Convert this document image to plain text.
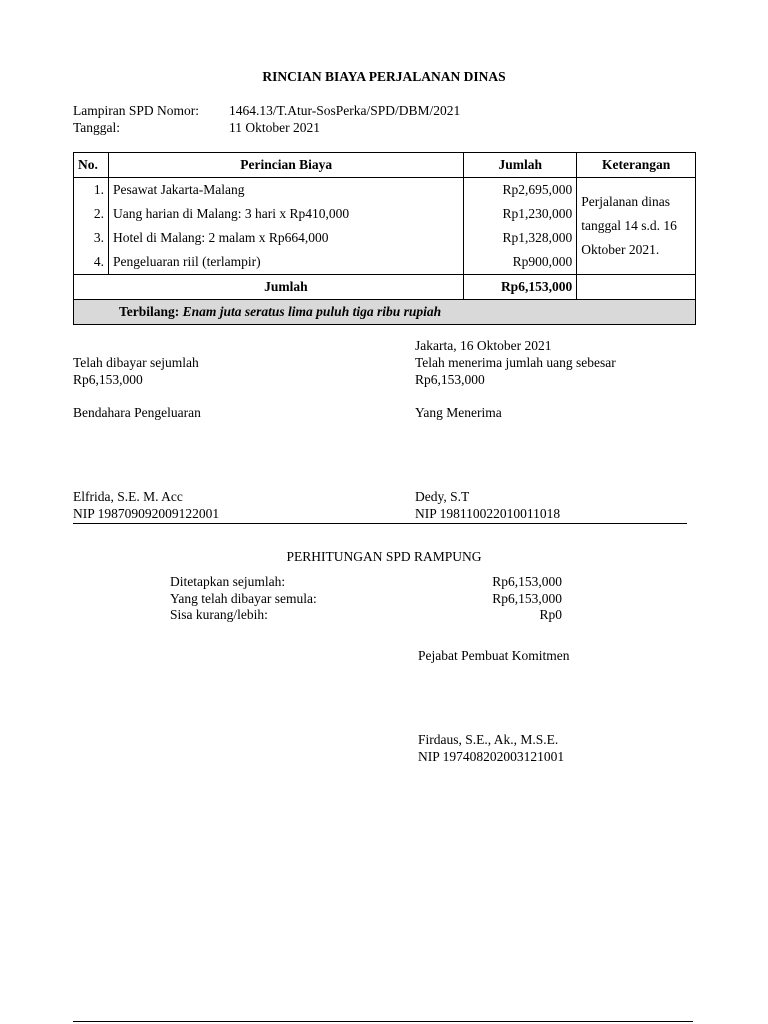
RINCIAN BIAYA PERJALANAN DINAS
Lampiran SPD Nomor: 1464.13/T.Atur-SosPerka/SPD/DBM/2021
Tanggal:	11 Oktober 2021
No.	Perincian Biaya	Jumlah	Keterangan
1.	Pesawat Jakarta-Malang	Rp2,695,000	Perjalanan dinas tanggal 14 s.d. 16 Oktober 2021.
2.	Uang harian di Malang: 3 hari x Rp410,000	Rp1,230,000	
3.	Hotel di Malang: 2 malam x Rp664,000	Rp1,328,000	
4.	Pengeluaran riil (terlampir)	Rp900,000	
	Jumlah	Rp6,153,000	
Terbilang: Enam juta seratus lima puluh tiga ribu rupiah			
Jakarta, 16 Oktober 2021
Telah dibayar sejumlah
Rp6,153,000
Telah menerima jumlah uang sebesar
Rp6,153,000
Bendahara Pengeluaran	Yang Menerima
Elfrida, S.E. M. Acc
NIP 198709092009122001
Dedy, S.T
NIP 198110022010011018
PERHITUNGAN SPD RAMPUNG
Ditetapkan sejumlah:	Rp6,153,000
Yang telah dibayar semula:	Rp6,153,000
Sisa kurang/lebih:	Rp0
Pejabat Pembuat Komitmen
Firdaus, S.E., Ak., M.S.E.
NIP 197408202003121001
